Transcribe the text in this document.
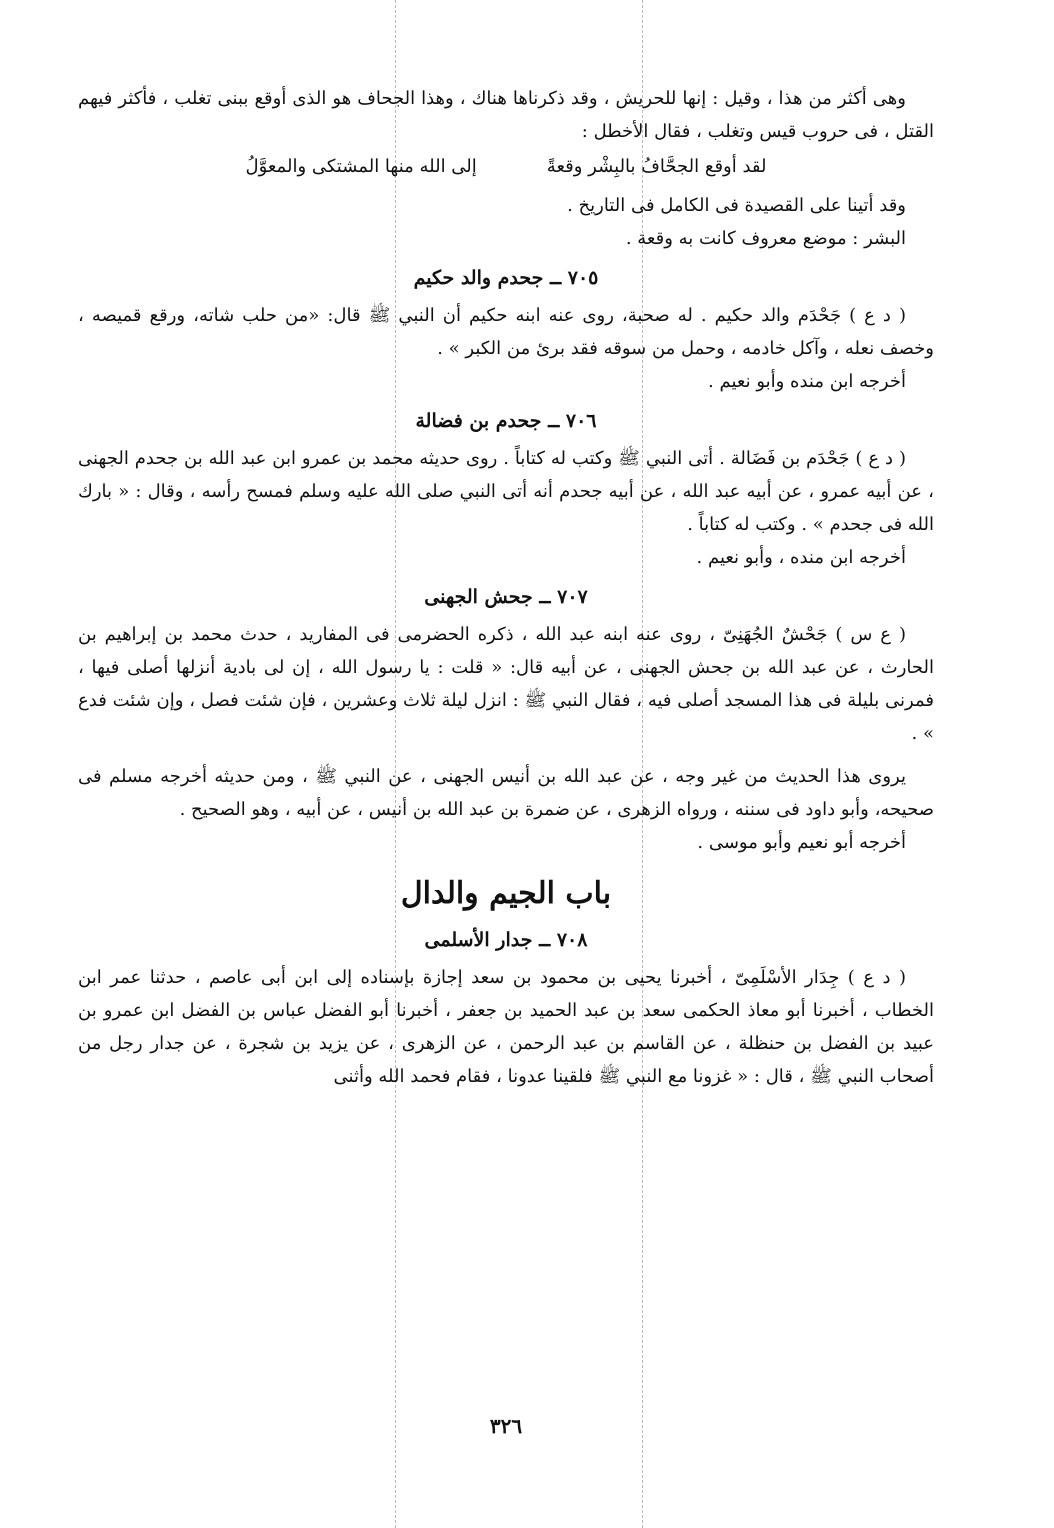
وهى أكثر من هذا ، وقيل : إنها للحريش ، وقد ذكرناها هناك ، وهذا الجحاف هو الذى أوقع ببنى تغلب ، فأكثر فيهم القتل ، فى حروب قيس وتغلب ، فقال الأخطل :

لقد أوقع الجحَّافُ بالبِشْر وقعةً
إلى الله منها المشتكى والمعوَّلُ

وقد أتينا على القصيدة فى الكامل فى التاريخ .

البشر : موضع معروف كانت به وقعة .

٧٠٥ ــ جحدم والد حكيم

( د ع ) جَحْدَم والد حكيم . له صحبة، روى عنه ابنه حكيم أن النبي ﷺ قال: «من حلب شاته، ورقع قميصه ، وخصف نعله ، وآكل خادمه ، وحمل من سوقه فقد برئ من الكبر » .

أخرجه ابن منده وأبو نعيم .

٧٠٦ ــ جحدم بن فضالة

( د ع ) جَحْدَم بن فَضَالة . أتى النبي ﷺ وكتب له كتاباً . روى حديثه محمد بن عمرو ابن عبد الله بن جحدم الجهنى ، عن أبيه عمرو ، عن أبيه عبد الله ، عن أبيه جحدم أنه أتى النبي صلى الله عليه وسلم فمسح رأسه ، وقال : « بارك الله فى جحدم » . وكتب له كتاباً .

أخرجه ابن منده ، وأبو نعيم .

٧٠٧ ــ جحش الجهنى

( ع س ) جَحْشٌ الجُهَنِىّ ، روى عنه ابنه عبد الله ، ذكره الحضرمى فى المفاريد ، حدث محمد بن إبراهيم بن الحارث ، عن عبد الله بن جحش الجهنى ، عن أبيه قال: « قلت : يا رسول الله ، إن لى بادية أنزلها أصلى فيها ، فمرنى بليلة فى هذا المسجد أصلى فيه ، فقال النبي ﷺ : انزل ليلة ثلاث وعشرين ، فإن شئت فصل ، وإن شئت فدع » .

يروى هذا الحديث من غير وجه ، عن عبد الله بن أنيس الجهنى ، عن النبي ﷺ ، ومن حديثه أخرجه مسلم فى صحيحه، وأبو داود فى سننه ، ورواه الزهرى ، عن ضمرة بن عبد الله بن أنيس ، عن أبيه ، وهو الصحيح .

أخرجه أبو نعيم وأبو موسى .

باب الجيم والدال
٧٠٨ ــ جدار الأسلمى

( د ع ) جِدَار الأسْلَمِىّ ، أخبرنا يحيى بن محمود بن سعد إجازة بإسناده إلى ابن أبى عاصم ، حدثنا عمر ابن الخطاب ، أخبرنا أبو معاذ الحكمى سعد بن عبد الحميد بن جعفر ، أخبرنا أبو الفضل عباس بن الفضل ابن عمرو بن عبيد بن الفضل بن حنظلة ، عن القاسم بن عبد الرحمن ، عن الزهرى ، عن يزيد بن شجرة ، عن جدار رجل من أصحاب النبي ﷺ ، قال : « غزونا مع النبي ﷺ فلقينا عدونا ، فقام فحمد الله وأثنى

٣٢٦
